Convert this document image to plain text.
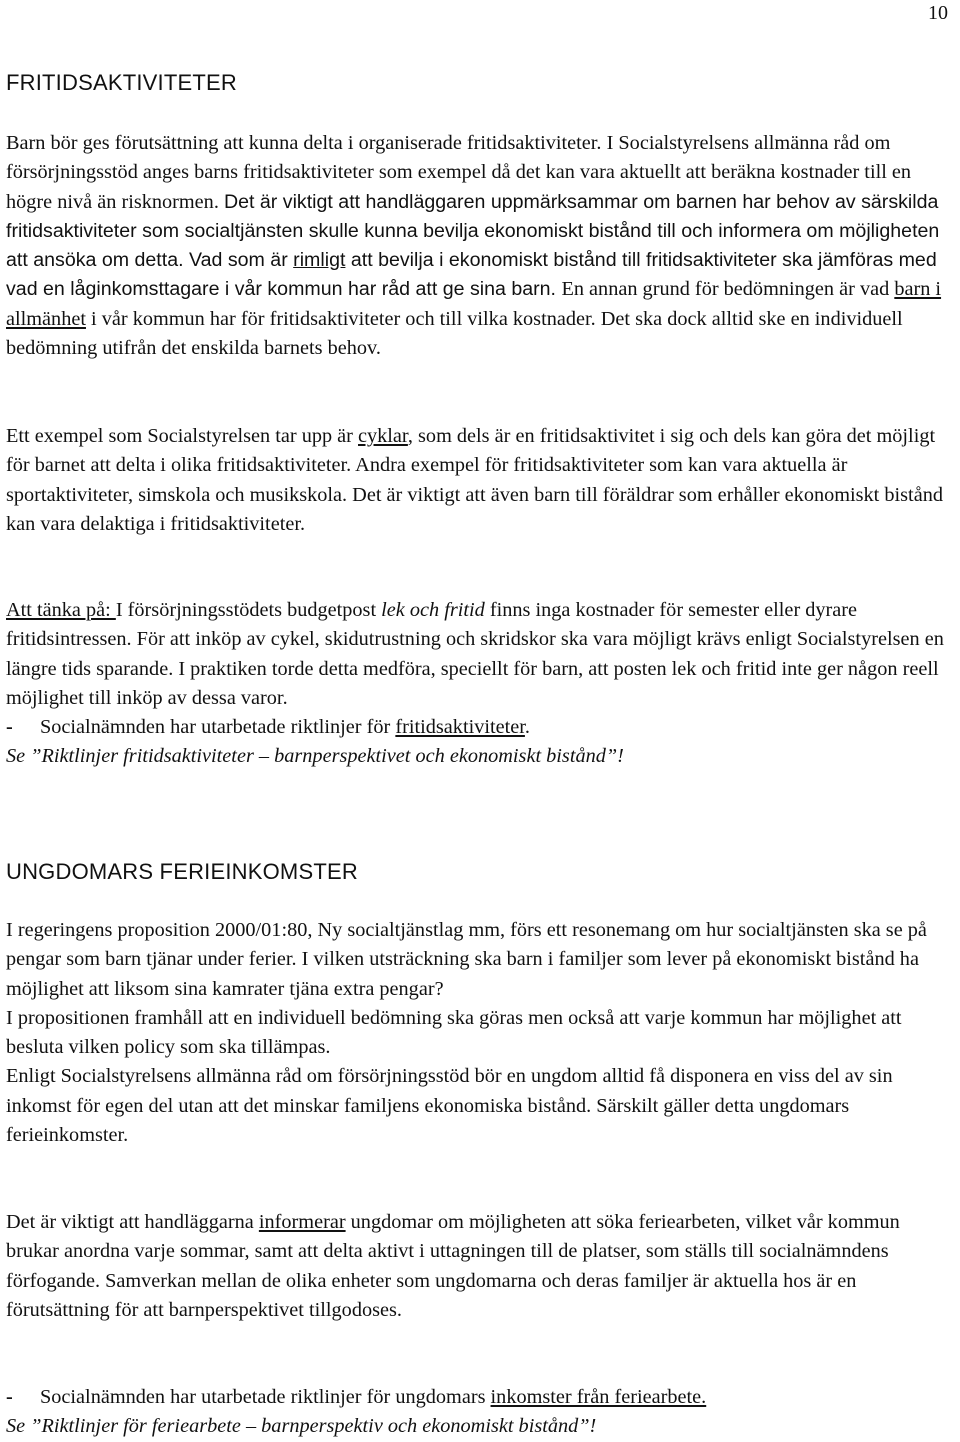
10
FRITIDSAKTIVITETER

Barn bör ges förutsättning att kunna delta i organiserade fritidsaktiviteter. I Socialstyrelsens allmänna råd om försörjningsstöd anges barns fritidsaktiviteter som exempel då det kan vara aktuellt att beräkna kostnader till en högre nivå än risknormen. Det är viktigt att handläggaren uppmärksammar om barnen har behov av särskilda fritidsaktiviteter som socialtjänsten skulle kunna bevilja ekonomiskt bistånd till och informera om möjligheten att ansöka om detta. Vad som är rimligt att bevilja i ekonomiskt bistånd till fritidsaktiviteter ska jämföras med vad en låginkomsttagare i vår kommun har råd att ge sina barn. En annan grund för bedömningen är vad barn i allmänhet i vår kommun har för fritidsaktiviteter och till vilka kostnader. Det ska dock alltid ske en individuell bedömning utifrån det enskilda barnets behov.

Ett exempel som Socialstyrelsen tar upp är cyklar, som dels är en fritidsaktivitet i sig och dels kan göra det möjligt för barnet att delta i olika fritidsaktiviteter. Andra exempel för fritidsaktiviteter som kan vara aktuella är sportaktiviteter, simskola och musikskola. Det är viktigt att även barn till föräldrar som erhåller ekonomiskt bistånd kan vara delaktiga i fritidsaktiviteter.

Att tänka på: I försörjningsstödets budgetpost lek och fritid finns inga kostnader för semester eller dyrare fritidsintressen. För att inköp av cykel, skidutrustning och skridskor ska vara möjligt krävs enligt Socialstyrelsen en längre tids sparande. I praktiken torde detta medföra, speciellt för barn, att posten lek och fritid inte ger någon reell möjlighet till inköp av dessa varor.
- Socialnämnden har utarbetade riktlinjer för fritidsaktiviteter.
Se ”Riktlinjer fritidsaktiviteter – barnperspektivet och ekonomiskt bistånd”!

UNGDOMARS FERIEINKOMSTER

I regeringens proposition 2000/01:80, Ny socialtjänstlag mm, förs ett resonemang om hur socialtjänsten ska se på pengar som barn tjänar under ferier. I vilken utsträckning ska barn i familjer som lever på ekonomiskt bistånd ha möjlighet att liksom sina kamrater tjäna extra pengar?
I propositionen framhåll att en individuell bedömning ska göras men också att varje kommun har möjlighet att besluta vilken policy som ska tillämpas.
Enligt Socialstyrelsens allmänna råd om försörjningsstöd bör en ungdom alltid få disponera en viss del av sin inkomst för egen del utan att det minskar familjens ekonomiska bistånd. Särskilt gäller detta ungdomars ferieinkomster.

Det är viktigt att handläggarna informerar ungdomar om möjligheten att söka feriearbeten, vilket vår kommun brukar anordna varje sommar, samt att delta aktivt i uttagningen till de platser, som ställs till socialnämndens förfogande. Samverkan mellan de olika enheter som ungdomarna och deras familjer är aktuella hos är en förutsättning för att barnperspektivet tillgodoses.

- Socialnämnden har utarbetade riktlinjer för ungdomars inkomster från feriearbete.
Se ”Riktlinjer för feriearbete – barnperspektiv och ekonomiskt bistånd”!
